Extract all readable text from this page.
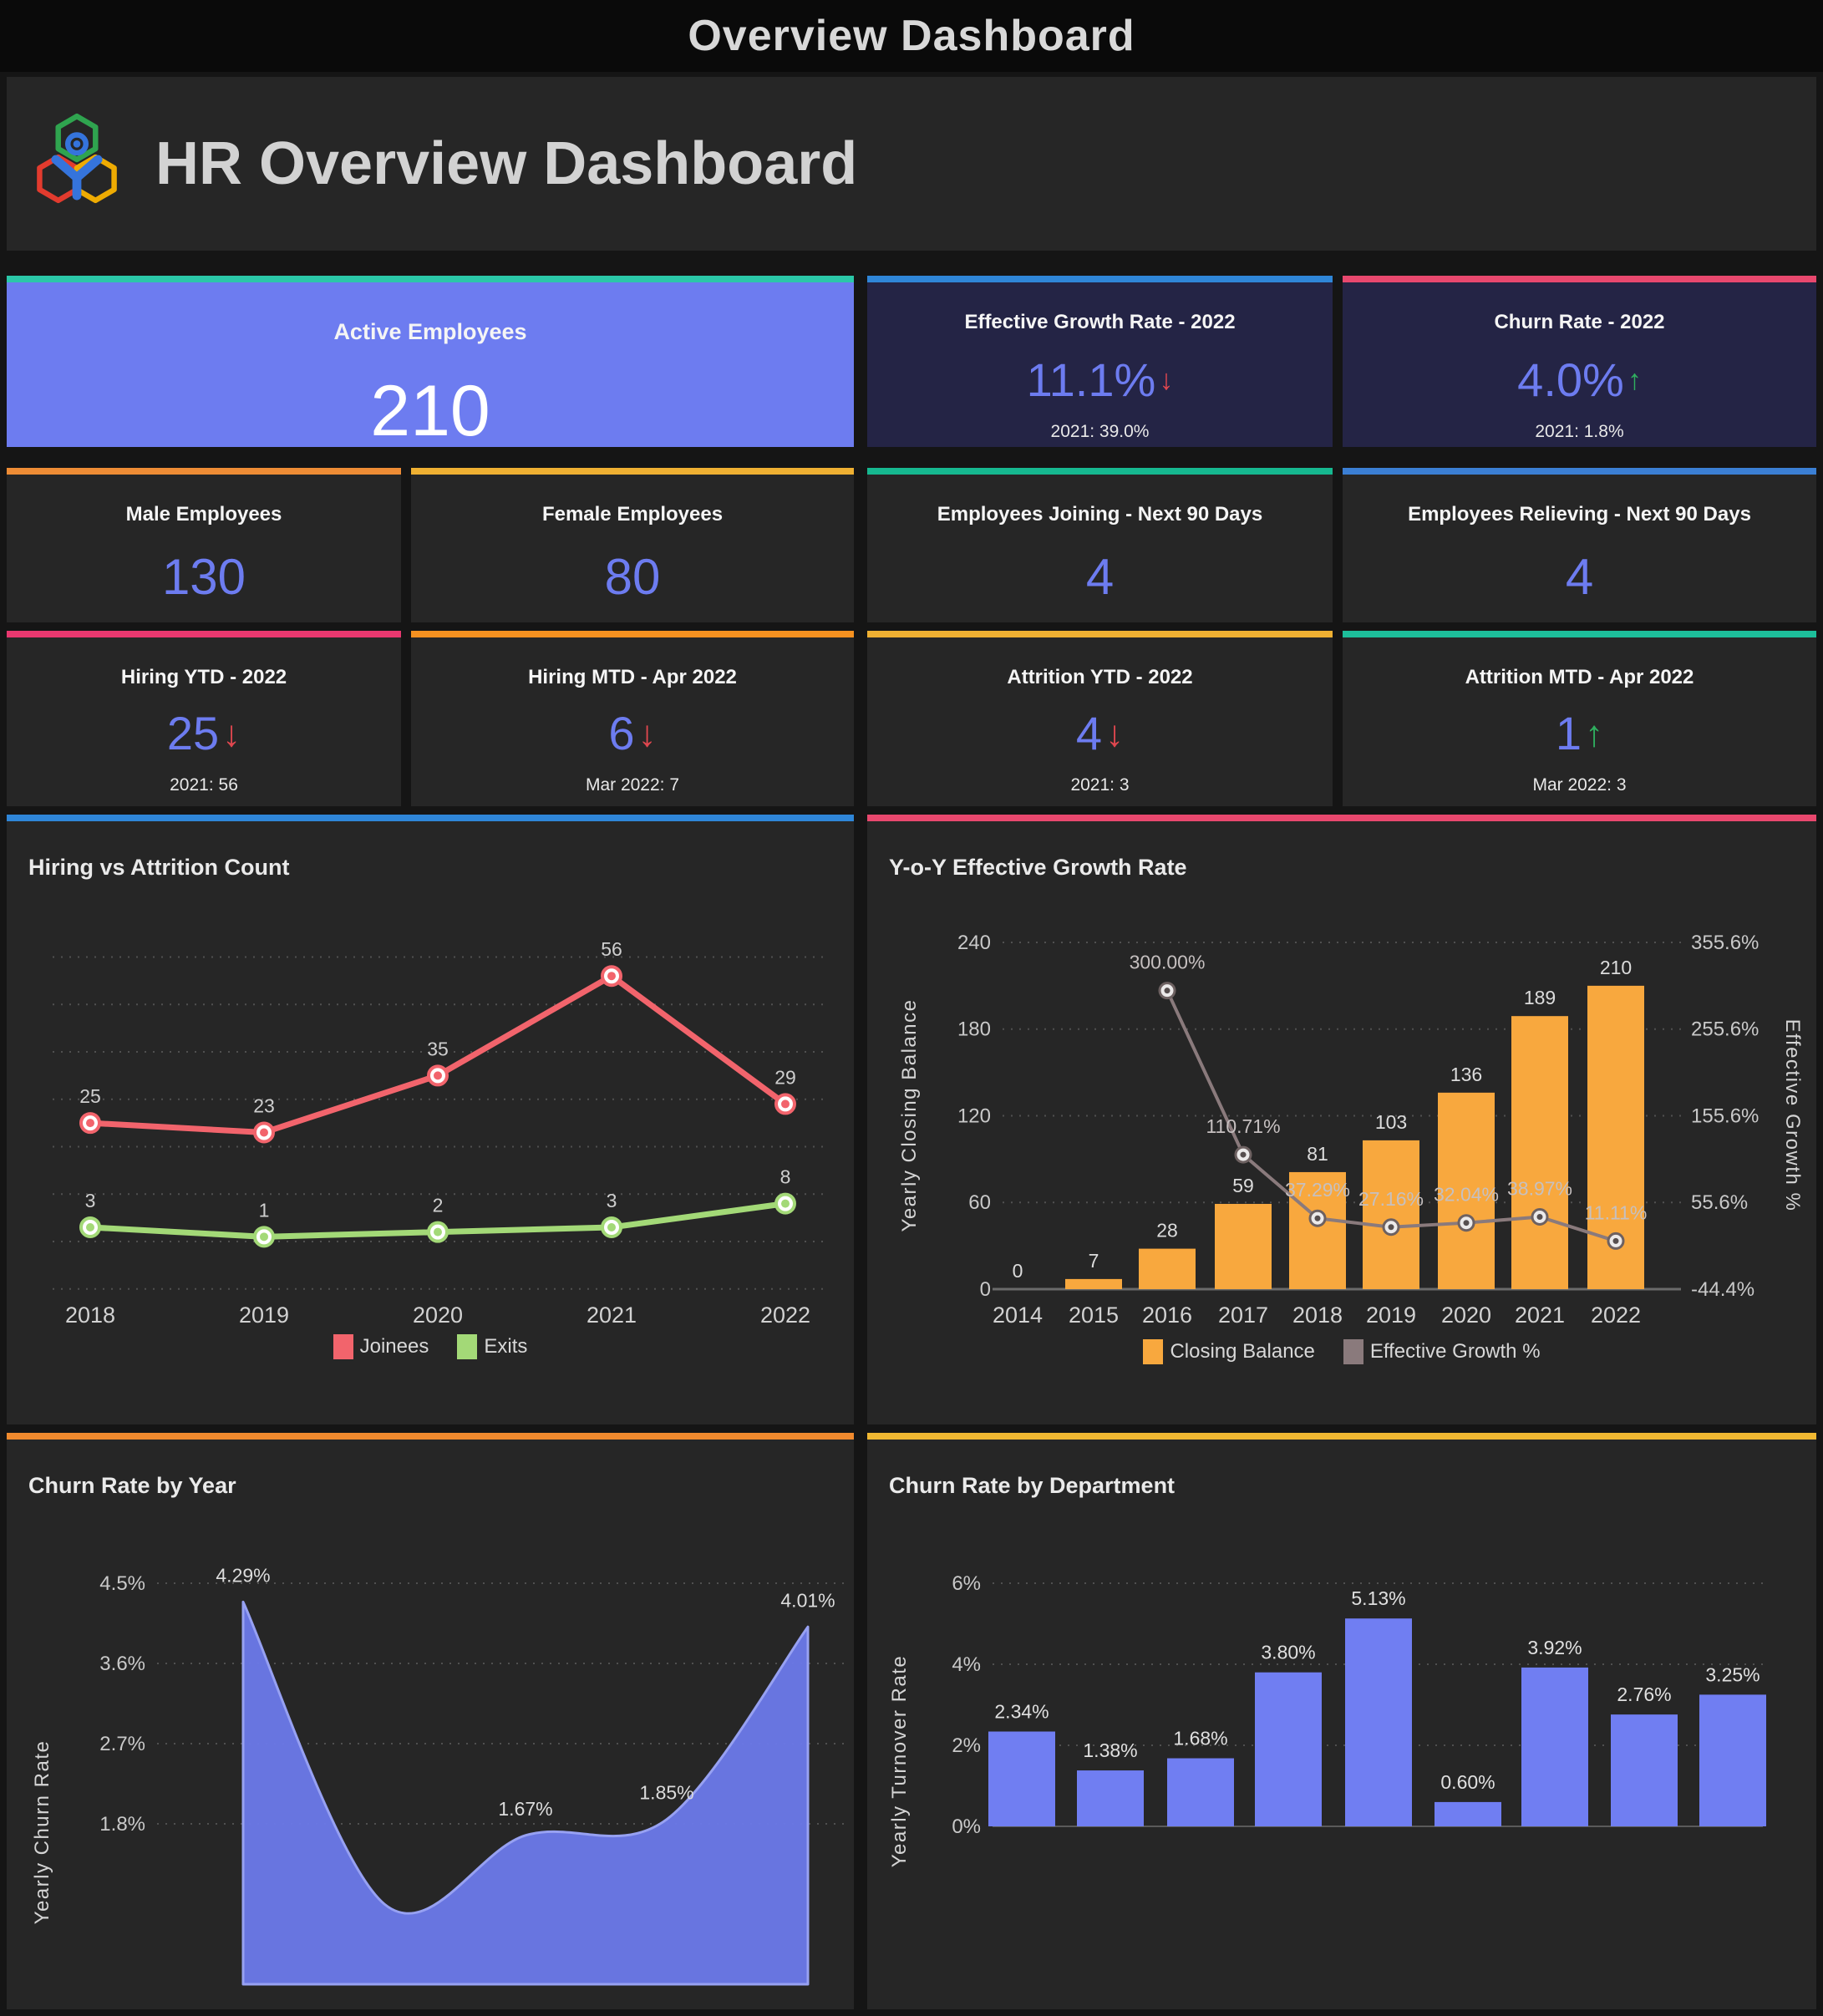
Overview Dashboard
HR Overview Dashboard
Active Employees
210
Effective Growth Rate - 2022
11.1% ↓
2021: 39.0%
Churn Rate - 2022
4.0% ↑
2021: 1.8%
Male Employees
130
Female Employees
80
Employees Joining - Next 90 Days
4
Employees Relieving - Next 90 Days
4
Hiring YTD - 2022
25↓
2021: 56
Hiring MTD - Apr 2022
6↓
Mar 2022: 7
Attrition YTD - 2022
4↓
2021: 3
Attrition MTD - Apr 2022
1↑
Mar 2022: 3
Hiring vs Attrition Count
2018	2019	2020	2021	2022
25	23
35
56
29
3	1	2	3
8
Joinees	Exits
Y-o-Y Effective Growth Rate
0	-44.4%
60	55.6%
120	155.6%
180	255.6%
240	355.6%
2014 2015 2016 2017 2018 2019 2020 2021 2022
0	7
28
59
81
103
136
189
210
300.00%
110.71%
37.29% 27.16% 32.04% 38.97%
11.11%
Yearly Closing Balance	Effective Growth %
Closing Balance	Effective Growth %
Churn Rate by Year
4.5%
3.6%
2.7%
1.8%
4.29%
1.67%
1.85%
4.01%
Yearly Churn Rate
Churn Rate by Department
6%
4%
2%
0%
2.34%
1.38%
1.68%
3.80%
5.13%
0.60%
3.92%
2.76%
3.25%
Yearly Turnover Rate
